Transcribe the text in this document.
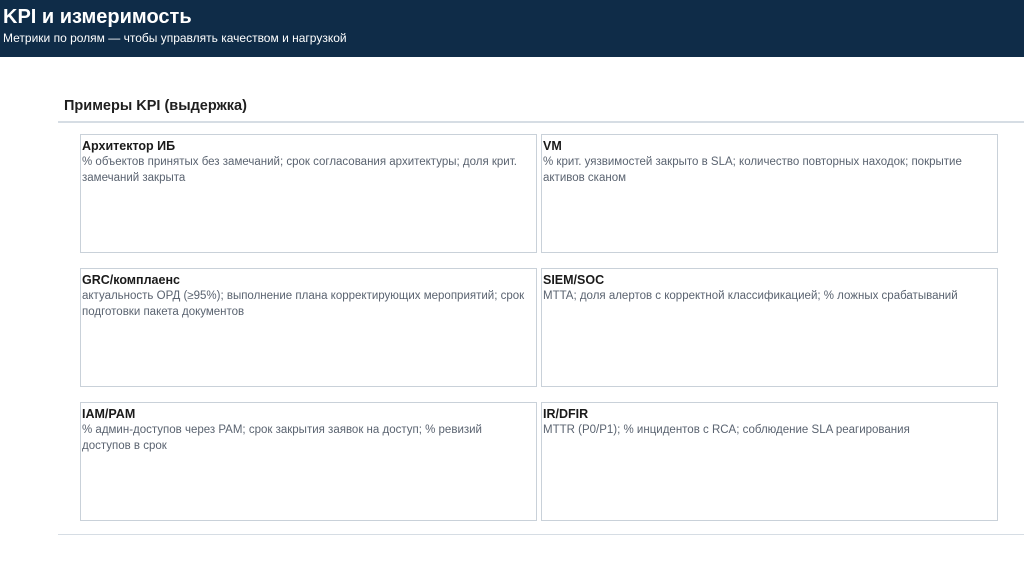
KPI и измеримость
Метрики по ролям — чтобы управлять качеством и нагрузкой
Примеры KPI (выдержка)
Архитектор ИБ
% объектов принятых без замечаний; срок согласования архитектуры; доля крит. замечаний закрыта
VM
% крит. уязвимостей закрыто в SLA; количество повторных находок; покрытие активов сканом
GRC/комплаенс
актуальность ОРД (≥95%); выполнение плана корректирующих мероприятий; срок подготовки пакета документов
SIEM/SOC
MTTA; доля алертов с корректной классификацией; % ложных срабатываний
IAM/PAM
% админ-доступов через PAM; срок закрытия заявок на доступ; % ревизий доступов в срок
IR/DFIR
MTTR (P0/P1); % инцидентов с RCA; соблюдение SLA реагирования
